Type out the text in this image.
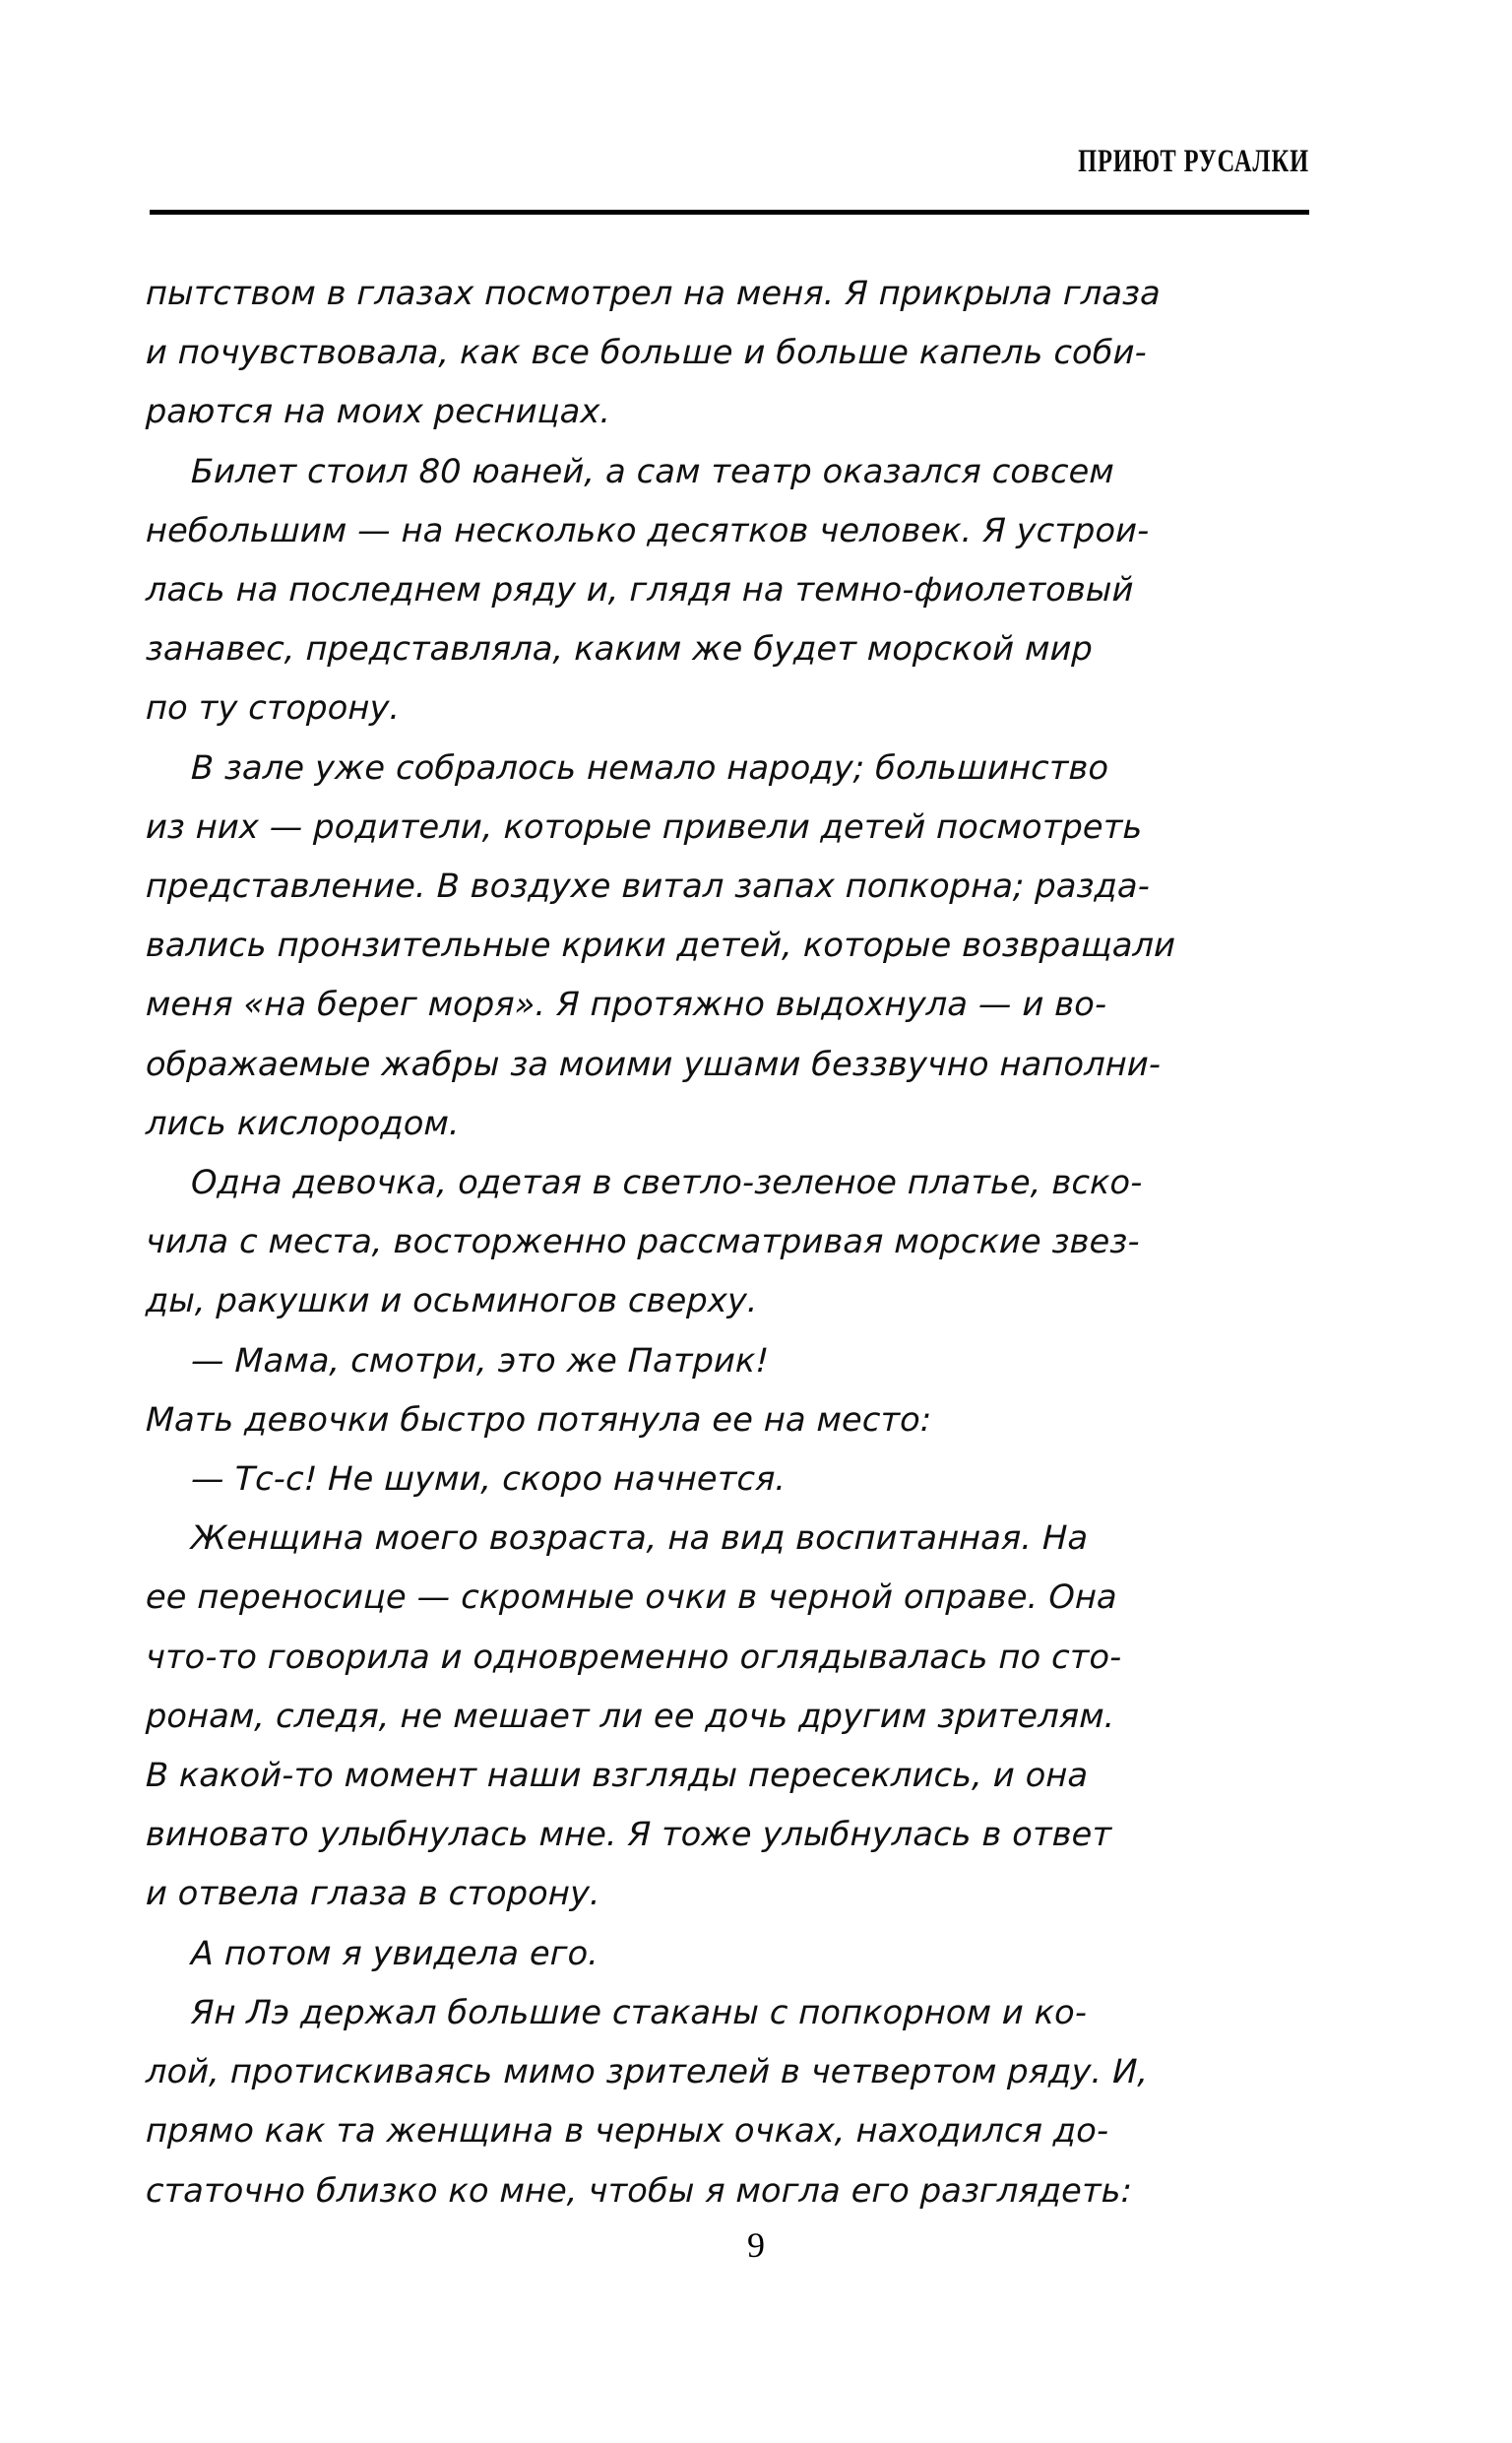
ПРИЮТ РУСАЛКИ
пытством в глазах посмотрел на меня. Я прикрыла глаза
и почувствовала, как все больше и больше капель соби-
раются на моих ресницах.
Билет стоил 80 юаней, а сам театр оказался совсем
небольшим — на несколько десятков человек. Я устрои-
лась на последнем ряду и, глядя на темно-фиолетовый
занавес, представляла, каким же будет морской мир
по ту сторону.
В зале уже собралось немало народу; большинство
из них — родители, которые привели детей посмотреть
представление. В воздухе витал запах попкорна; разда-
вались пронзительные крики детей, которые возвращали
меня «на берег моря». Я протяжно выдохнула — и во-
ображаемые жабры за моими ушами беззвучно наполни-
лись кислородом.
Одна девочка, одетая в светло-зеленое платье, вско-
чила с места, восторженно рассматривая морские звез-
ды, ракушки и осьминогов сверху.
— Мама, смотри, это же Патрик!
Мать девочки быстро потянула ее на место:
— Тс-с! Не шуми, скоро начнется.
Женщина моего возраста, на вид воспитанная. На
ее переносице — скромные очки в черной оправе. Она
что-то говорила и одновременно оглядывалась по сто-
ронам, следя, не мешает ли ее дочь другим зрителям.
В какой-то момент наши взгляды пересеклись, и она
виновато улыбнулась мне. Я тоже улыбнулась в ответ
и отвела глаза в сторону.
А потом я увидела его.
Ян Лэ держал большие стаканы с попкорном и ко-
лой, протискиваясь мимо зрителей в четвертом ряду. И,
прямо как та женщина в черных очках, находился до-
статочно близко ко мне, чтобы я могла его разглядеть:
9
